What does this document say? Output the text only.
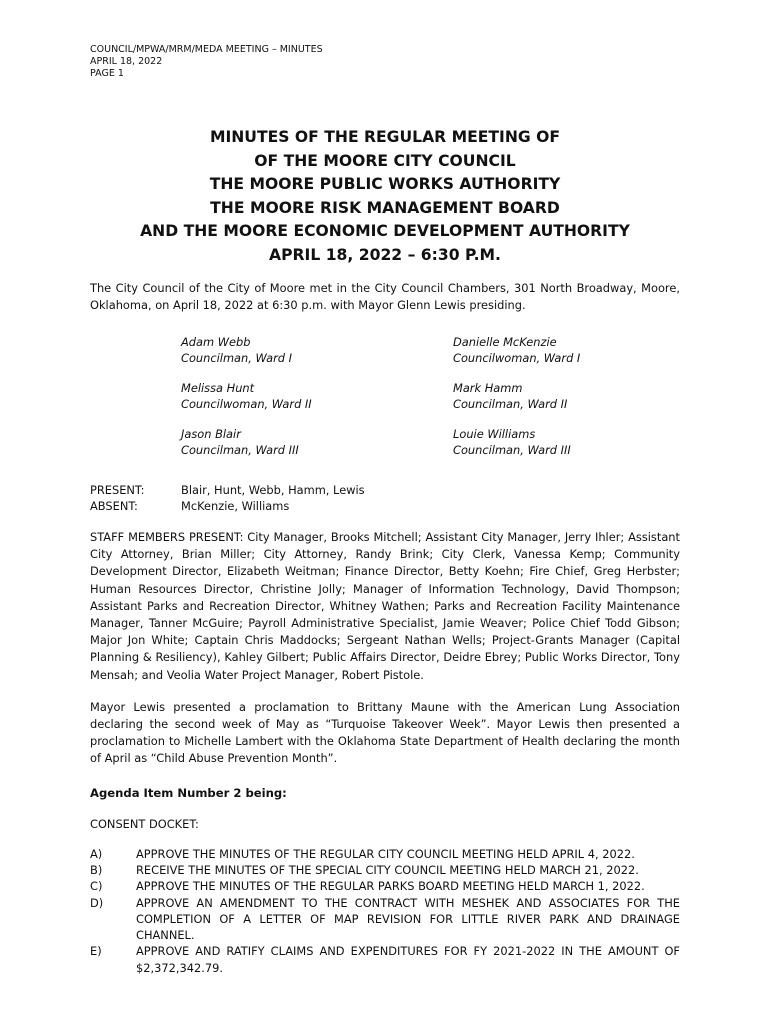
COUNCIL/MPWA/MRM/MEDA MEETING – MINUTES
APRIL 18, 2022
PAGE 1
MINUTES OF THE REGULAR MEETING OF
OF THE MOORE CITY COUNCIL
THE MOORE PUBLIC WORKS AUTHORITY
THE MOORE RISK MANAGEMENT BOARD
AND THE MOORE ECONOMIC DEVELOPMENT AUTHORITY
APRIL 18, 2022 – 6:30 P.M.
The City Council of the City of Moore met in the City Council Chambers, 301 North Broadway, Moore, Oklahoma, on April 18, 2022 at 6:30 p.m. with Mayor Glenn Lewis presiding.
Adam Webb
Councilman, Ward I
Danielle McKenzie
Councilwoman, Ward I
Melissa Hunt
Councilwoman, Ward II
Mark Hamm
Councilman, Ward II
Jason Blair
Councilman, Ward III
Louie Williams
Councilman, Ward III
PRESENT:	Blair, Hunt, Webb, Hamm, Lewis
ABSENT:	McKenzie, Williams
STAFF MEMBERS PRESENT: City Manager, Brooks Mitchell; Assistant City Manager, Jerry Ihler; Assistant City Attorney, Brian Miller; City Attorney, Randy Brink; City Clerk, Vanessa Kemp; Community Development Director, Elizabeth Weitman; Finance Director, Betty Koehn; Fire Chief, Greg Herbster; Human Resources Director, Christine Jolly; Manager of Information Technology, David Thompson; Assistant Parks and Recreation Director, Whitney Wathen; Parks and Recreation Facility Maintenance Manager, Tanner McGuire; Payroll Administrative Specialist, Jamie Weaver; Police Chief Todd Gibson; Major Jon White; Captain Chris Maddocks; Sergeant Nathan Wells; Project-Grants Manager (Capital Planning & Resiliency), Kahley Gilbert; Public Affairs Director, Deidre Ebrey; Public Works Director, Tony Mensah; and Veolia Water Project Manager, Robert Pistole.
Mayor Lewis presented a proclamation to Brittany Maune with the American Lung Association declaring the second week of May as “Turquoise Takeover Week”. Mayor Lewis then presented a proclamation to Michelle Lambert with the Oklahoma State Department of Health declaring the month of April as “Child Abuse Prevention Month”.
Agenda Item Number 2 being:
CONSENT DOCKET:
A)	APPROVE THE MINUTES OF THE REGULAR CITY COUNCIL MEETING HELD APRIL 4, 2022.
B)	RECEIVE THE MINUTES OF THE SPECIAL CITY COUNCIL MEETING HELD MARCH 21, 2022.
C)	APPROVE THE MINUTES OF THE REGULAR PARKS BOARD MEETING HELD MARCH 1, 2022.
D)	APPROVE AN AMENDMENT TO THE CONTRACT WITH MESHEK AND ASSOCIATES FOR THE COMPLETION OF A LETTER OF MAP REVISION FOR LITTLE RIVER PARK AND DRAINAGE CHANNEL.
E)	APPROVE AND RATIFY CLAIMS AND EXPENDITURES FOR FY 2021-2022 IN THE AMOUNT OF $2,372,342.79.
